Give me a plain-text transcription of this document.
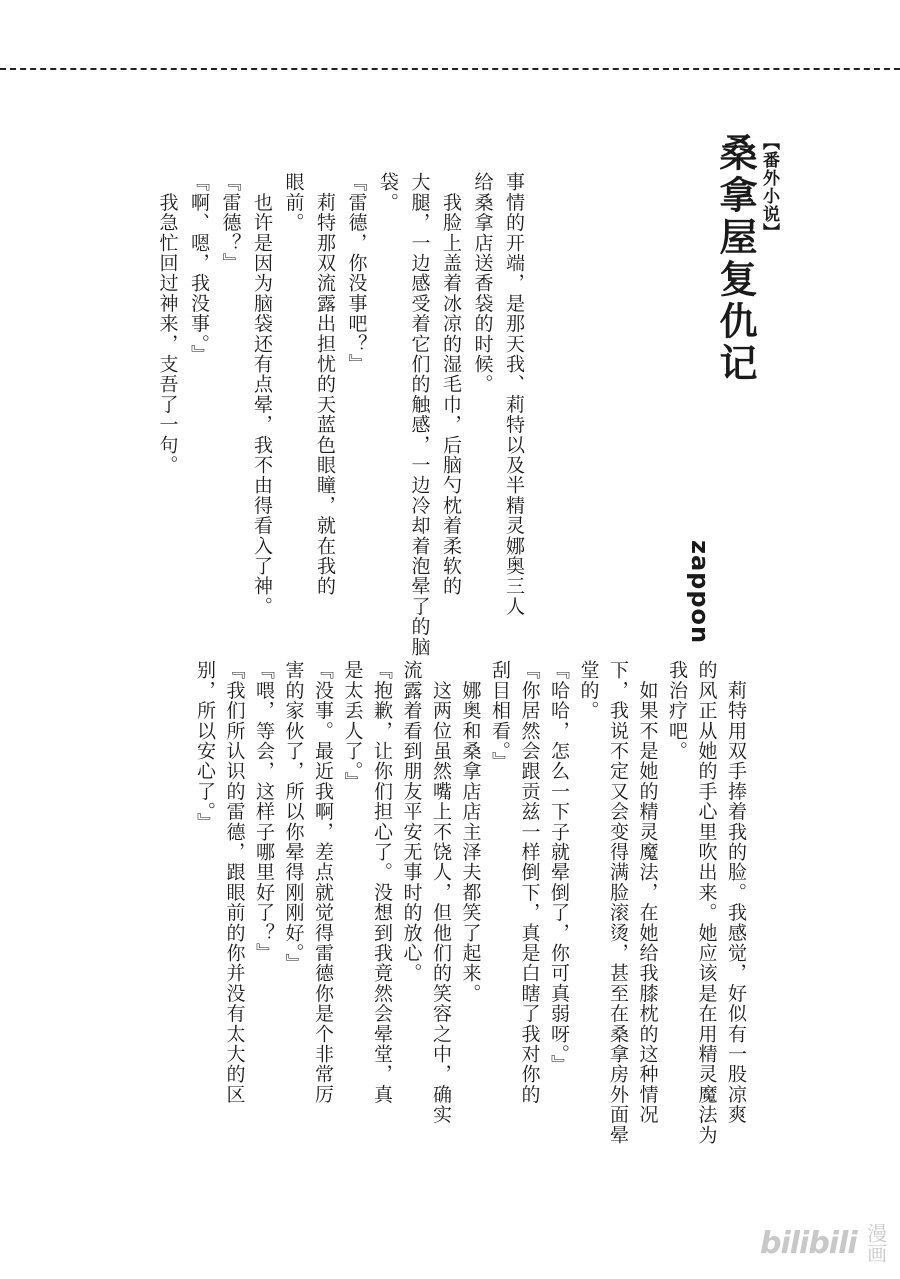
【番外小说】
桑拿屋复仇记
zappon
事情的开端，是那天我、莉特以及半精灵娜奥三人
给桑拿店送香袋的时候。
　我脸上盖着冰凉的湿毛巾，后脑勺枕着柔软的
大腿，一边感受着它们的触感，一边冷却着泡晕了的脑
袋。
『雷德，你没事吧？』
　莉特那双流露出担忧的天蓝色眼瞳，就在我的
眼前。
　也许是因为脑袋还有点晕，我不由得看入了神。
『雷德？』
『啊、嗯，我没事。』
　我急忙回过神来，支吾了一句。
　莉特用双手捧着我的脸。我感觉，好似有一股凉爽
的风正从她的手心里吹出来。她应该是在用精灵魔法为
我治疗吧。
　如果不是她的精灵魔法，在她给我膝枕的这种情况
下，我说不定又会变得满脸滚烫，甚至在桑拿房外面晕
堂的。
『哈哈，怎么一下子就晕倒了，你可真弱呀。』
『你居然会跟贡兹一样倒下，真是白瞎了我对你的
刮目相看。』
　娜奥和桑拿店店主泽夫都笑了起来。
　这两位虽然嘴上不饶人，但他们的笑容之中，确实
流露着看到朋友平安无事时的放心。
『抱歉，让你们担心了。没想到我竟然会晕堂，真
是太丢人了。』
『没事。最近我啊，差点就觉得雷德你是个非常厉
害的家伙了，所以你晕得刚刚好。』
『喂，等会，这样子哪里好了？』
『我们所认识的雷德，跟眼前的你并没有太大的区
别，所以安心了。』
bilibili 漫画
